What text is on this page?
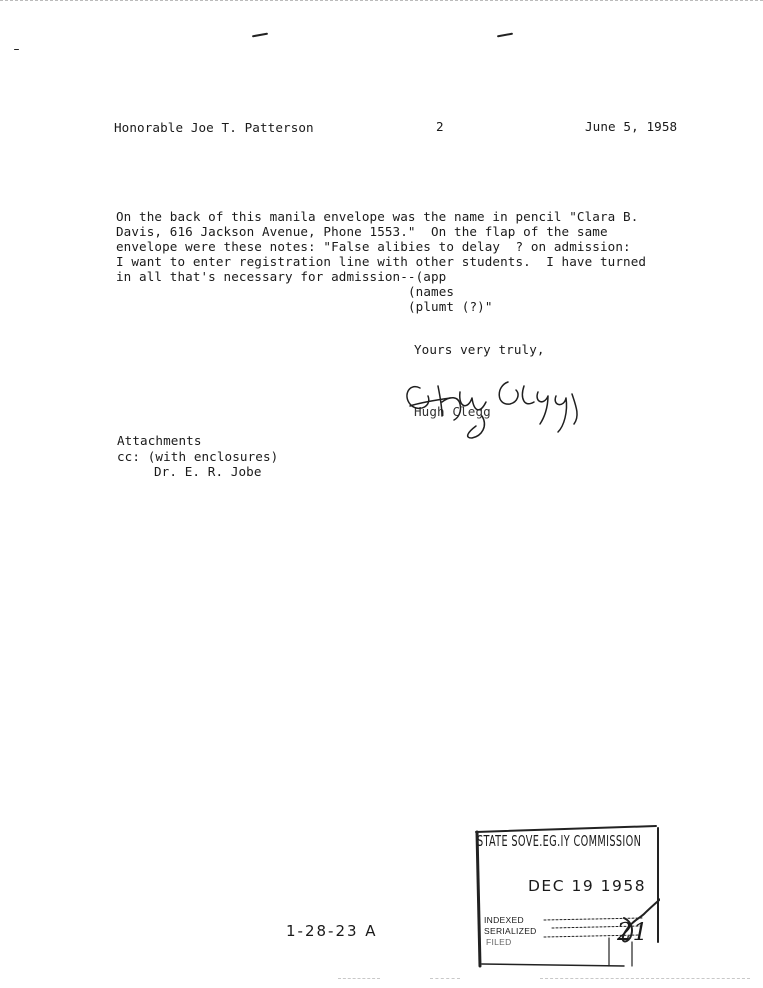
Honorable Joe T. Patterson	2	June 5, 1958
On the back of this manila envelope was the name in pencil "Clara B.
Davis, 616 Jackson Avenue, Phone 1553."  On the flap of the same
envelope were these notes: "False alibies to delay  ? on admission:
I want to enter registration line with other students.  I have turned
in all that's necessary for admission--(app
(names
(plumt (?)"
Yours very truly,
Hugh Clegg
Attachments
cc: (with enclosures)
Dr. E. R. Jobe
STATE SOVE.EG.IY COMMISSION
DEC 19 1958
INDEXED
SERIALIZED
FILED	21
1-28-23 A
